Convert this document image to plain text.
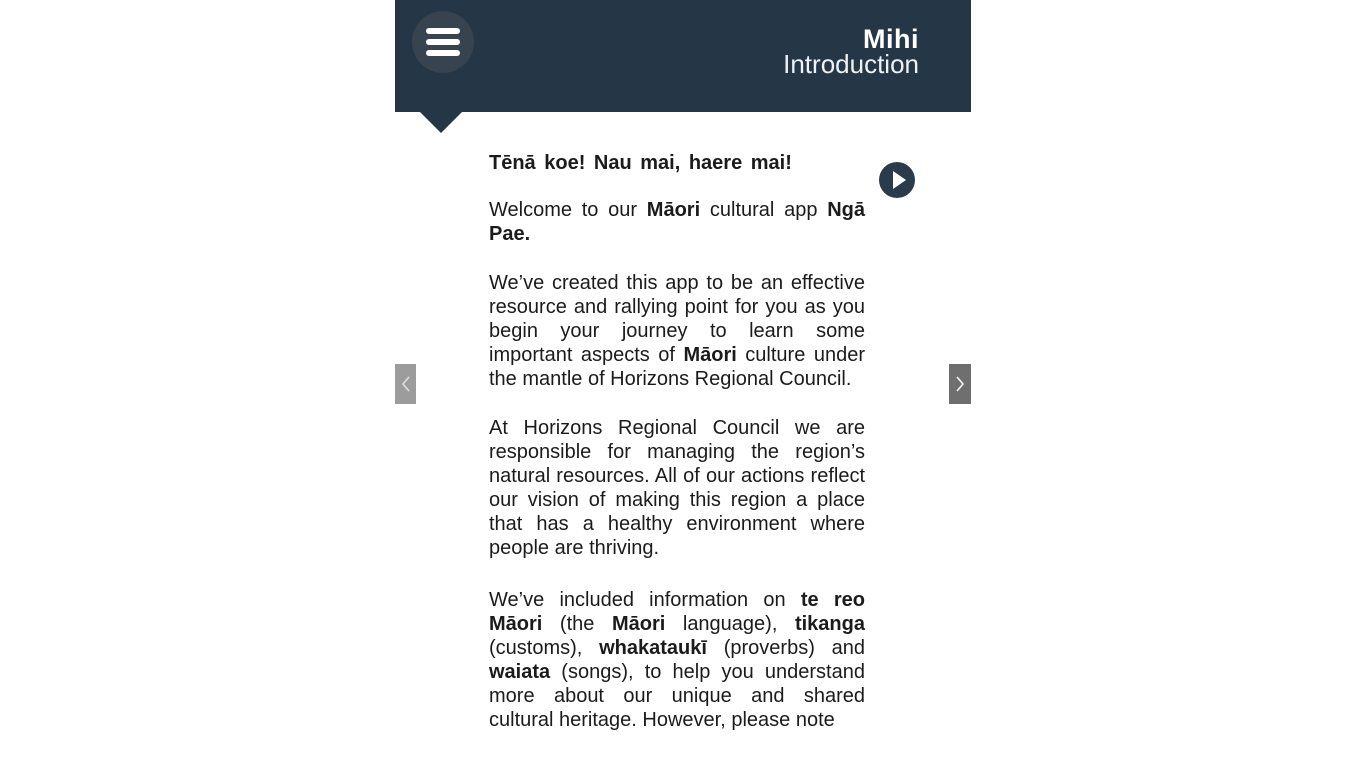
Mihi
Introduction
Tēnā koe! Nau mai, haere mai!

Welcome to our Māori cultural app Ngā Pae.

We’ve created this app to be an effective resource and rallying point for you as you begin your journey to learn some important aspects of Māori culture under the mantle of Horizons Regional Council.

At Horizons Regional Council we are responsible for managing the region’s natural resources. All of our actions reflect our vision of making this region a place that has a healthy environment where people are thriving.

We’ve included information on te reo Māori (the Māori language), tikanga (customs), whakataukī (proverbs) and waiata (songs), to help you understand more about our unique and shared cultural heritage. However, please note
